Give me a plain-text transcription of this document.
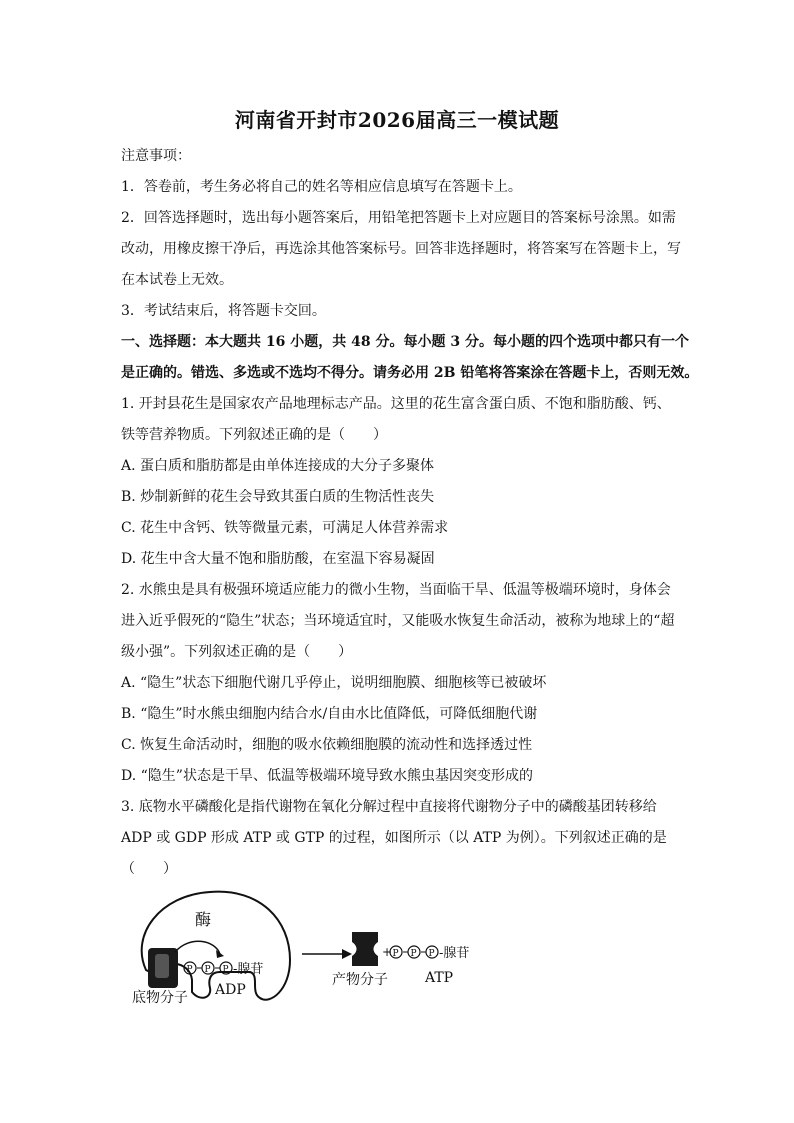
河南省开封市2026届高三一模试题
注意事项：
1．答卷前，考生务必将自己的姓名等相应信息填写在答题卡上。
2．回答选择题时，选出每小题答案后，用铅笔把答题卡上对应题目的答案标号涂黑。如需
改动，用橡皮擦干净后，再选涂其他答案标号。回答非选择题时，将答案写在答题卡上，写
在本试卷上无效。
3．考试结束后，将答题卡交回。
一、选择题：本大题共 16 小题，共 48 分。每小题 3 分。每小题的四个选项中都只有一个
是正确的。错选、多选或不选均不得分。请务必用 2B 铅笔将答案涂在答题卡上，否则无效。
1. 开封县花生是国家农产品地理标志产品。这里的花生富含蛋白质、不饱和脂肪酸、钙、
铁等营养物质。下列叙述正确的是（　　）
A. 蛋白质和脂肪都是由单体连接成的大分子多聚体
B. 炒制新鲜的花生会导致其蛋白质的生物活性丧失
C. 花生中含钙、铁等微量元素，可满足人体营养需求
D. 花生中含大量不饱和脂肪酸，在室温下容易凝固
2. 水熊虫是具有极强环境适应能力的微小生物，当面临干旱、低温等极端环境时，身体会
进入近乎假死的“隐生”状态；当环境适宜时，又能吸水恢复生命活动，被称为地球上的“超
级小强”。下列叙述正确的是（　　）
A. “隐生”状态下细胞代谢几乎停止，说明细胞膜、细胞核等已被破坏
B. “隐生”时水熊虫细胞内结合水/自由水比值降低，可降低细胞代谢
C. 恢复生命活动时，细胞的吸水依赖细胞膜的流动性和选择透过性
D. “隐生”状态是干旱、低温等极端环境导致水熊虫基因突变形成的
3. 底物水平磷酸化是指代谢物在氧化分解过程中直接将代谢物分子中的磷酸基团转移给
ADP 或 GDP 形成 ATP 或 GTP 的过程，如图所示（以 ATP 为例）。下列叙述正确的是
（　　）
P P P -腺苷
酶
底物分子 ADP
+ P P P -腺苷
产物分子	ATP
